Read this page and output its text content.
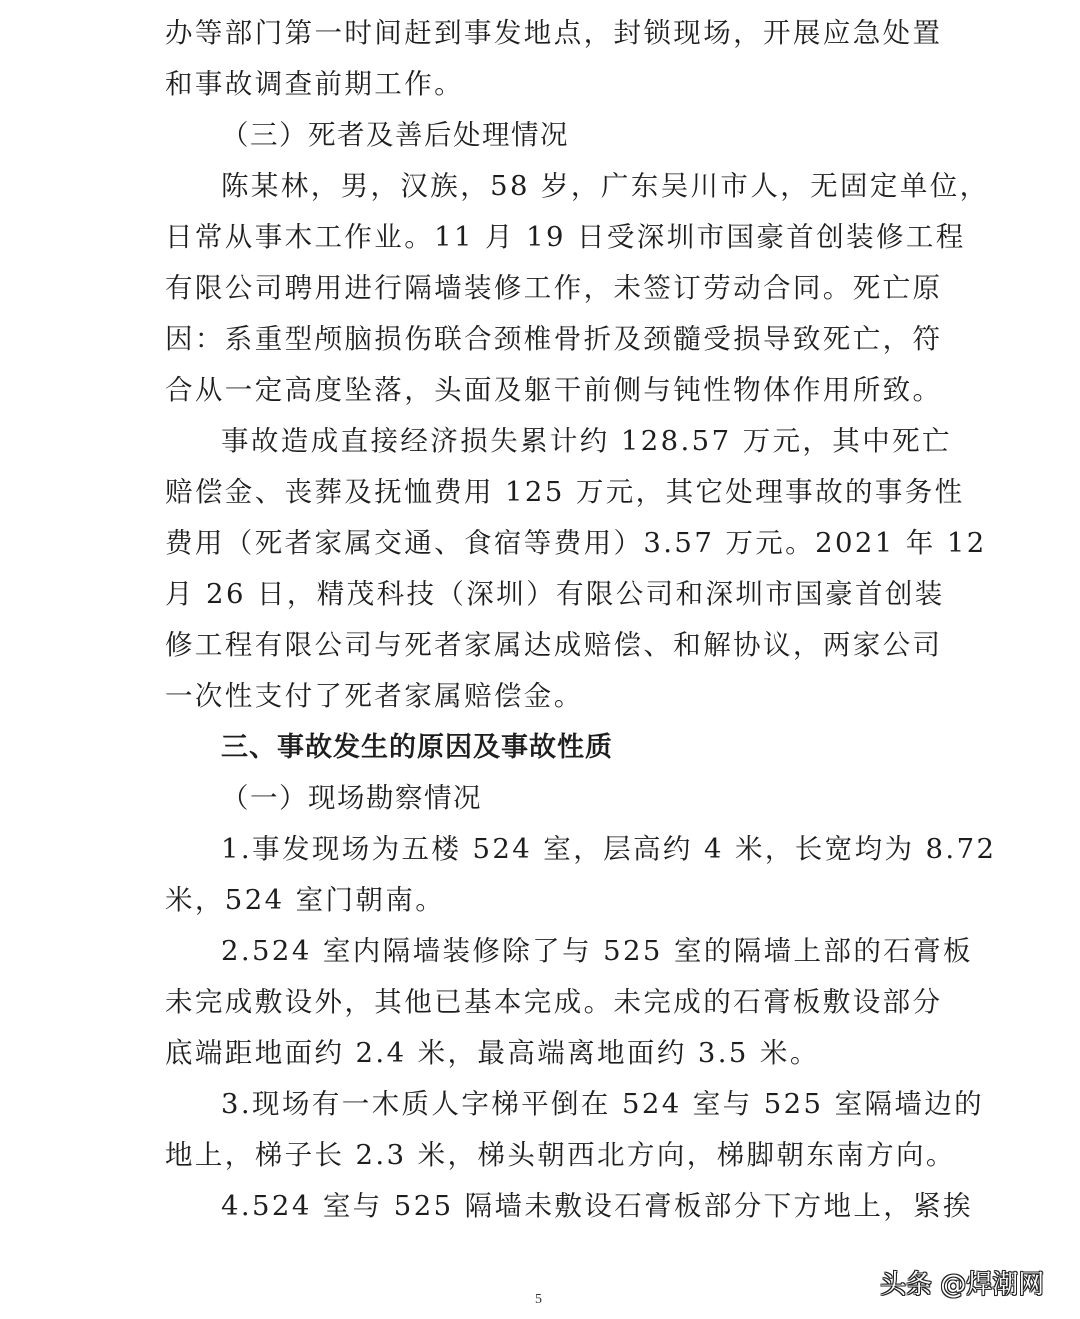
办等部门第一时间赶到事发地点，封锁现场，开展应急处置
和事故调查前期工作。
（三）死者及善后处理情况
陈某林，男，汉族，58 岁，广东吴川市人，无固定单位，
日常从事木工作业。11 月 19 日受深圳市国豪首创装修工程
有限公司聘用进行隔墙装修工作，未签订劳动合同。死亡原
因：系重型颅脑损伤联合颈椎骨折及颈髓受损导致死亡，符
合从一定高度坠落，头面及躯干前侧与钝性物体作用所致。
事故造成直接经济损失累计约 128.57 万元，其中死亡
赔偿金、丧葬及抚恤费用 125 万元，其它处理事故的事务性
费用（死者家属交通、食宿等费用）3.57 万元。2021 年 12
月 26 日，精茂科技（深圳）有限公司和深圳市国豪首创装
修工程有限公司与死者家属达成赔偿、和解协议，两家公司
一次性支付了死者家属赔偿金。
三、事故发生的原因及事故性质
（一）现场勘察情况
1.事发现场为五楼 524 室，层高约 4 米，长宽均为 8.72
米，524 室门朝南。
2.524 室内隔墙装修除了与 525 室的隔墙上部的石膏板
未完成敷设外，其他已基本完成。未完成的石膏板敷设部分
底端距地面约 2.4 米，最高端离地面约 3.5 米。
3.现场有一木质人字梯平倒在 524 室与 525 室隔墙边的
地上，梯子长 2.3 米，梯头朝西北方向，梯脚朝东南方向。
4.524 室与 525 隔墙未敷设石膏板部分下方地上，紧挨
5	头条 @焊潮网
